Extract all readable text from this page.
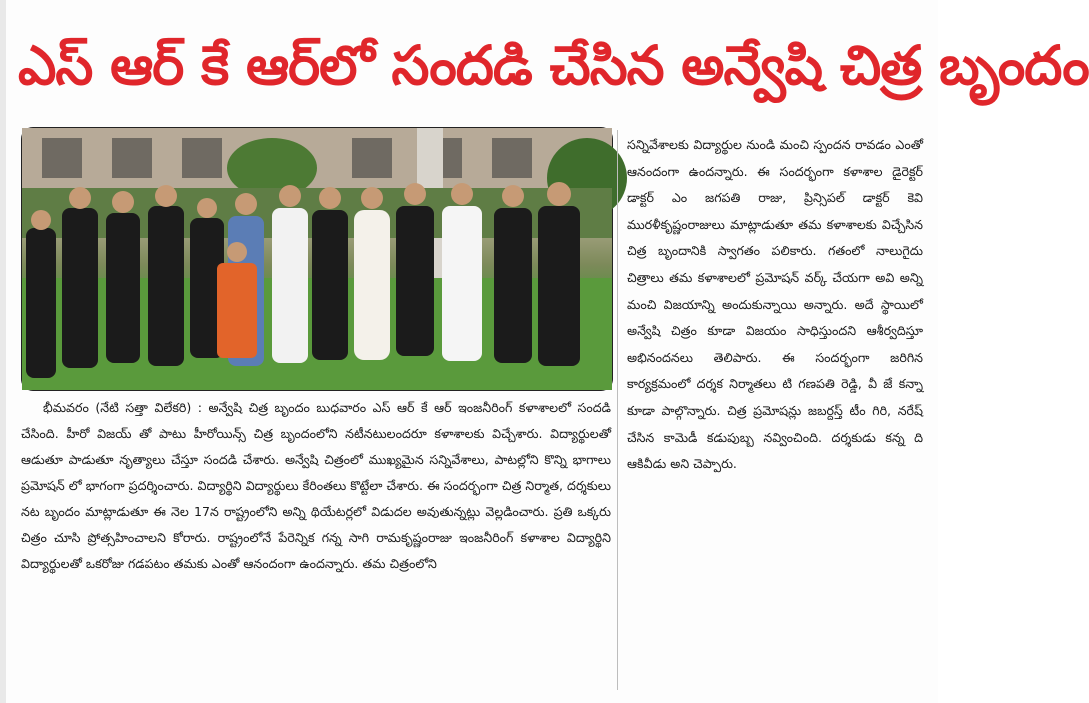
ఎస్ ఆర్ కే ఆర్‌లో సందడి చేసిన అన్వేషి చిత్ర బృందం

భీమవరం (నేటి సత్తా విలేకరి) : అన్వేషి చిత్ర బృందం బుధవారం ఎస్ ఆర్ కే ఆర్ ఇంజనీరింగ్ కళాశాలలో సందడి చేసింది. హీరో విజయ్ తో పాటు హీరోయిన్స్ చిత్ర బృందంలోని నటీనటులందరూ కళాశాలకు విచ్చేశారు. విద్యార్థులతో ఆడుతూ పాడుతూ నృత్యాలు చేస్తూ సందడి చేశారు. అన్వేషి చిత్రంలో ముఖ్యమైన సన్నివేశాలు, పాటల్లోని కొన్ని భాగాలు ప్రమోషన్ లో భాగంగా ప్రదర్శించారు. విద్యార్థిని విద్యార్థులు కేరింతలు కొట్టేలా చేశారు. ఈ సందర్భంగా చిత్ర నిర్మాత, దర్శకులు నట బృందం మాట్లాడుతూ ఈ నెల 17న రాష్ట్రంలోని అన్ని థియేటర్లలో విడుదల అవుతున్నట్లు వెల్లడించారు. ప్రతి ఒక్కరు చిత్రం చూసి ప్రోత్సహించాలని కోరారు. రాష్ట్రంలోనే పేరెన్నిక గన్న సాగి రామకృష్ణంరాజు ఇంజనీరింగ్ కళాశాల విద్యార్థిని విద్యార్థులతో ఒకరోజు గడపటం తమకు ఎంతో ఆనందంగా ఉందన్నారు. తమ చిత్రంలోని

సన్నివేశాలకు విద్యార్థుల నుండి మంచి స్పందన రావడం ఎంతో ఆనందంగా ఉందన్నారు. ఈ సందర్భంగా కళాశాల డైరెక్టర్ డాక్టర్ ఎం జగపతి రాజు, ప్రిన్సిపల్ డాక్టర్ కెవి మురళీకృష్ణంరాజులు మాట్లాడుతూ తమ కళాశాలకు విచ్చేసిన చిత్ర బృందానికి స్వాగతం పలికారు. గతంలో నాలుగైదు చిత్రాలు తమ కళాశాలలో ప్రమోషన్ వర్క్ చేయగా అవి అన్ని మంచి విజయాన్ని అందుకున్నాయి అన్నారు. అదే స్థాయిలో అన్వేషి చిత్రం కూడా విజయం సాధిస్తుందని ఆశీర్వదిస్తూ అభినందనలు తెలిపారు. ఈ సందర్భంగా జరిగిన కార్యక్రమంలో దర్శక నిర్మాతలు టి గణపతి రెడ్డి, వీ జే కన్నా కూడా పాల్గొన్నారు. చిత్ర ప్రమోషన్లు జబర్దస్త్ టీం గిరి, నరేష్ చేసిన కామెడీ కడుపుబ్బ నవ్వించింది. దర్శకుడు కన్న ది ఆకివీడు అని చెప్పారు.
